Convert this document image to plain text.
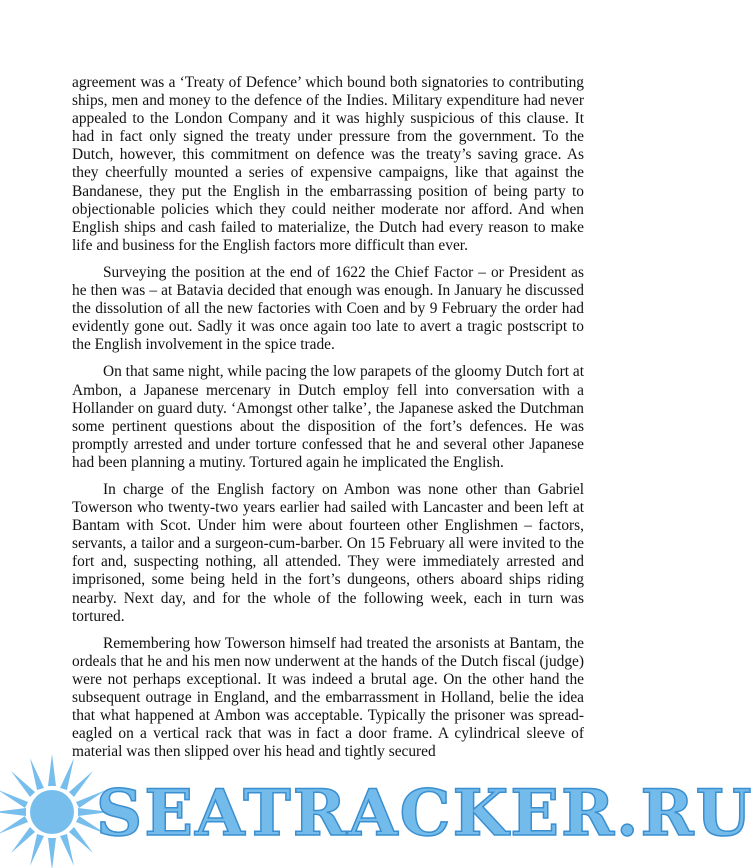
agreement was a ‘Treaty of Defence’ which bound both signatories to contributing ships, men and money to the defence of the Indies. Military expenditure had never appealed to the London Company and it was highly suspicious of this clause. It had in fact only signed the treaty under pressure from the government. To the Dutch, however, this commitment on defence was the treaty’s saving grace. As they cheerfully mounted a series of expensive campaigns, like that against the Bandanese, they put the English in the embarrassing position of being party to objectionable policies which they could neither moderate nor afford. And when English ships and cash failed to materialize, the Dutch had every reason to make life and business for the English factors more difficult than ever.

Surveying the position at the end of 1622 the Chief Factor – or President as he then was – at Batavia decided that enough was enough. In January he discussed the dissolution of all the new factories with Coen and by 9 February the order had evidently gone out. Sadly it was once again too late to avert a tragic postscript to the English involvement in the spice trade.

On that same night, while pacing the low parapets of the gloomy Dutch fort at Ambon, a Japanese mercenary in Dutch employ fell into conversation with a Hollander on guard duty. ‘Amongst other talke’, the Japanese asked the Dutchman some pertinent questions about the disposition of the fort’s defences. He was promptly arrested and under torture confessed that he and several other Japanese had been planning a mutiny. Tortured again he implicated the English.

In charge of the English factory on Ambon was none other than Gabriel Towerson who twenty-two years earlier had sailed with Lancaster and been left at Bantam with Scot. Under him were about fourteen other Englishmen – factors, servants, a tailor and a surgeon-cum-barber. On 15 February all were invited to the fort and, suspecting nothing, all attended. They were immediately arrested and imprisoned, some being held in the fort’s dungeons, others aboard ships riding nearby. Next day, and for the whole of the following week, each in turn was tortured.

Remembering how Towerson himself had treated the arsonists at Bantam, the ordeals that he and his men now underwent at the hands of the Dutch fiscal (judge) were not perhaps exceptional. It was indeed a brutal age. On the other hand the subsequent outrage in England, and the embarrassment in Holland, belie the idea that what happened at Ambon was acceptable. Typically the prisoner was spread-eagled on a vertical rack that was in fact a door frame. A cylindrical sleeve of material was then slipped over his head and tightly secured

SEATRACKER.RU
